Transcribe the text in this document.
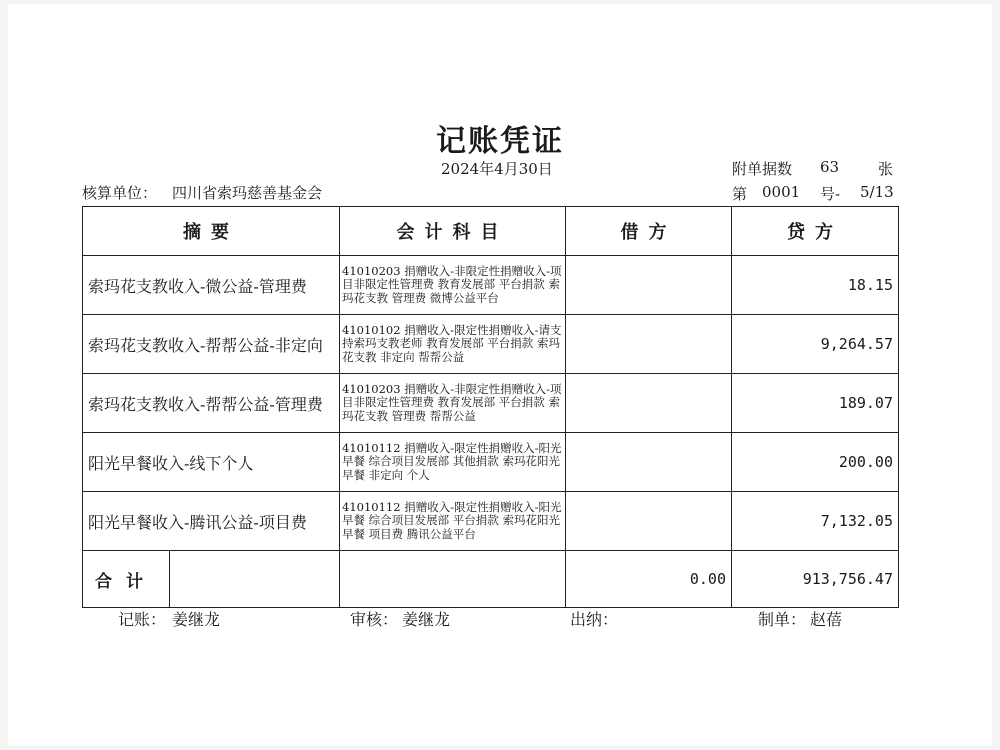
记账凭证
2024年4月30日	附单据数 63	张
核算单位： 四川省索玛慈善基金会	第 0001 号- 5/13
摘要	会计科目	借方	贷方
索玛花支教收入-微公益-管理费	41010203 捐赠收入-非限定性捐赠收入-项目非限定性管理费 教育发展部 平台捐款 索玛花支教 管理费 微博公益平台		18.15
索玛花支教收入-帮帮公益-非定向	41010102 捐赠收入-限定性捐赠收入-请支持索玛支教老师 教育发展部 平台捐款 索玛花支教 非定向 帮帮公益		9,264.57
索玛花支教收入-帮帮公益-管理费	41010203 捐赠收入-非限定性捐赠收入-项目非限定性管理费 教育发展部 平台捐款 索玛花支教 管理费 帮帮公益		189.07
阳光早餐收入-线下个人	41010112 捐赠收入-限定性捐赠收入-阳光早餐 综合项目发展部 其他捐款 索玛花阳光早餐 非定向 个人		200.00
阳光早餐收入-腾讯公益-项目费	41010112 捐赠收入-限定性捐赠收入-阳光早餐 综合项目发展部 平台捐款 索玛花阳光早餐 项目费 腾讯公益平台		7,132.05

合计		0.00	913,756.47
记账： 姜继龙	审核： 姜继龙	出纳：	制单： 赵蓓
